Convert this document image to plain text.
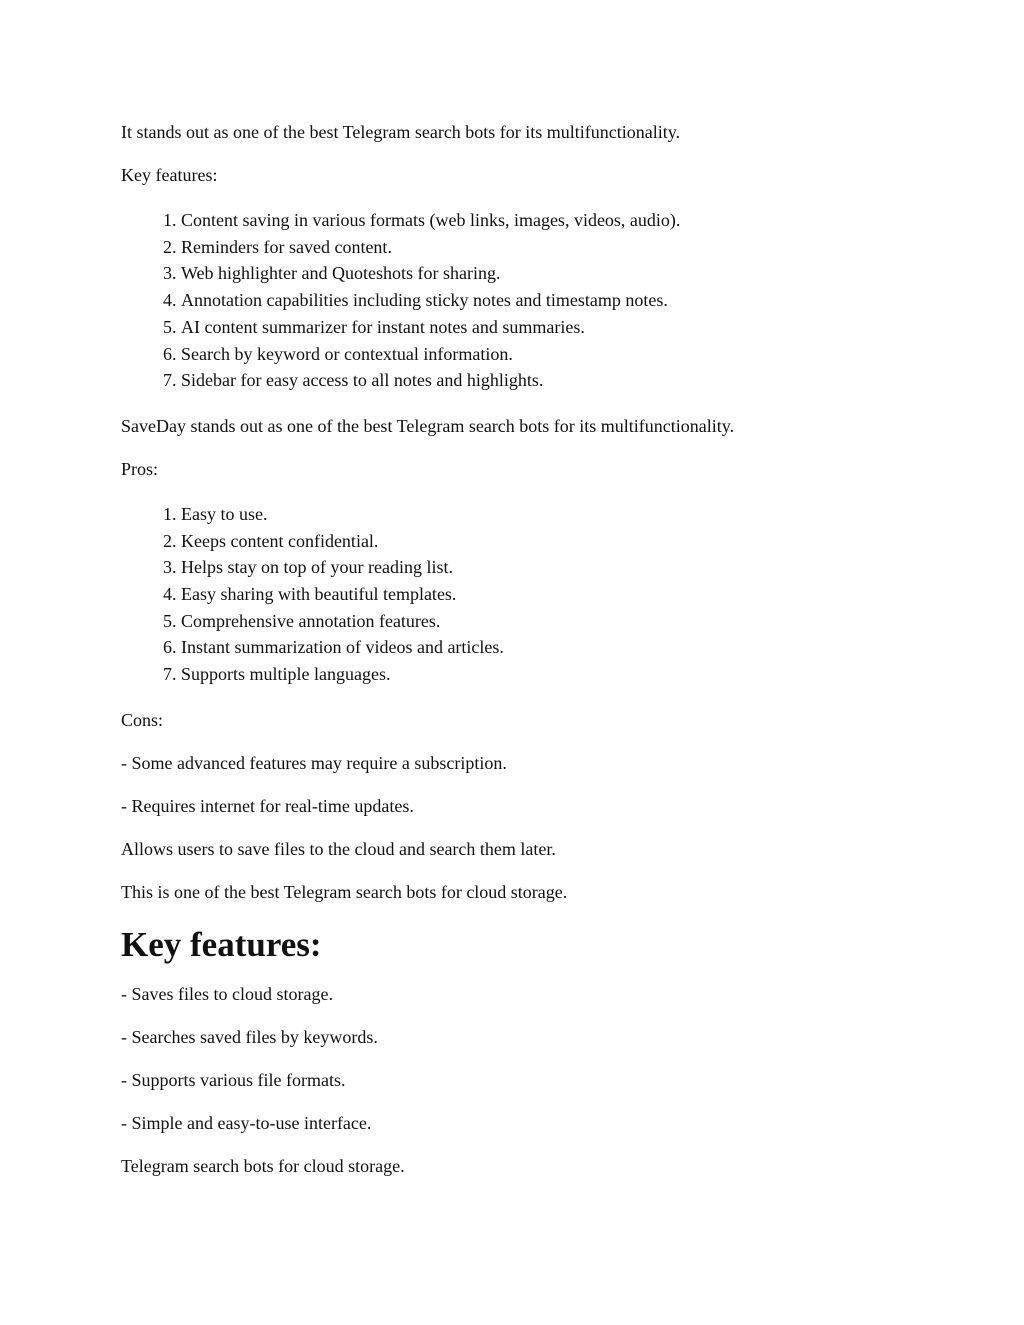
It stands out as one of the best Telegram search bots for its multifunctionality.

Key features:

1. Content saving in various formats (web links, images, videos, audio).
2. Reminders for saved content.
3. Web highlighter and Quoteshots for sharing.
4. Annotation capabilities including sticky notes and timestamp notes.
5. AI content summarizer for instant notes and summaries.
6. Search by keyword or contextual information.
7. Sidebar for easy access to all notes and highlights.

SaveDay stands out as one of the best Telegram search bots for its multifunctionality.

Pros:

1. Easy to use.
2. Keeps content confidential.
3. Helps stay on top of your reading list.
4. Easy sharing with beautiful templates.
5. Comprehensive annotation features.
6. Instant summarization of videos and articles.
7. Supports multiple languages.

Cons:

- Some advanced features may require a subscription.

- Requires internet for real-time updates.

Allows users to save files to the cloud and search them later.

This is one of the best Telegram search bots for cloud storage.

Key features:

- Saves files to cloud storage.

- Searches saved files by keywords.

- Supports various file formats.

- Simple and easy-to-use interface.

Telegram search bots for cloud storage.
